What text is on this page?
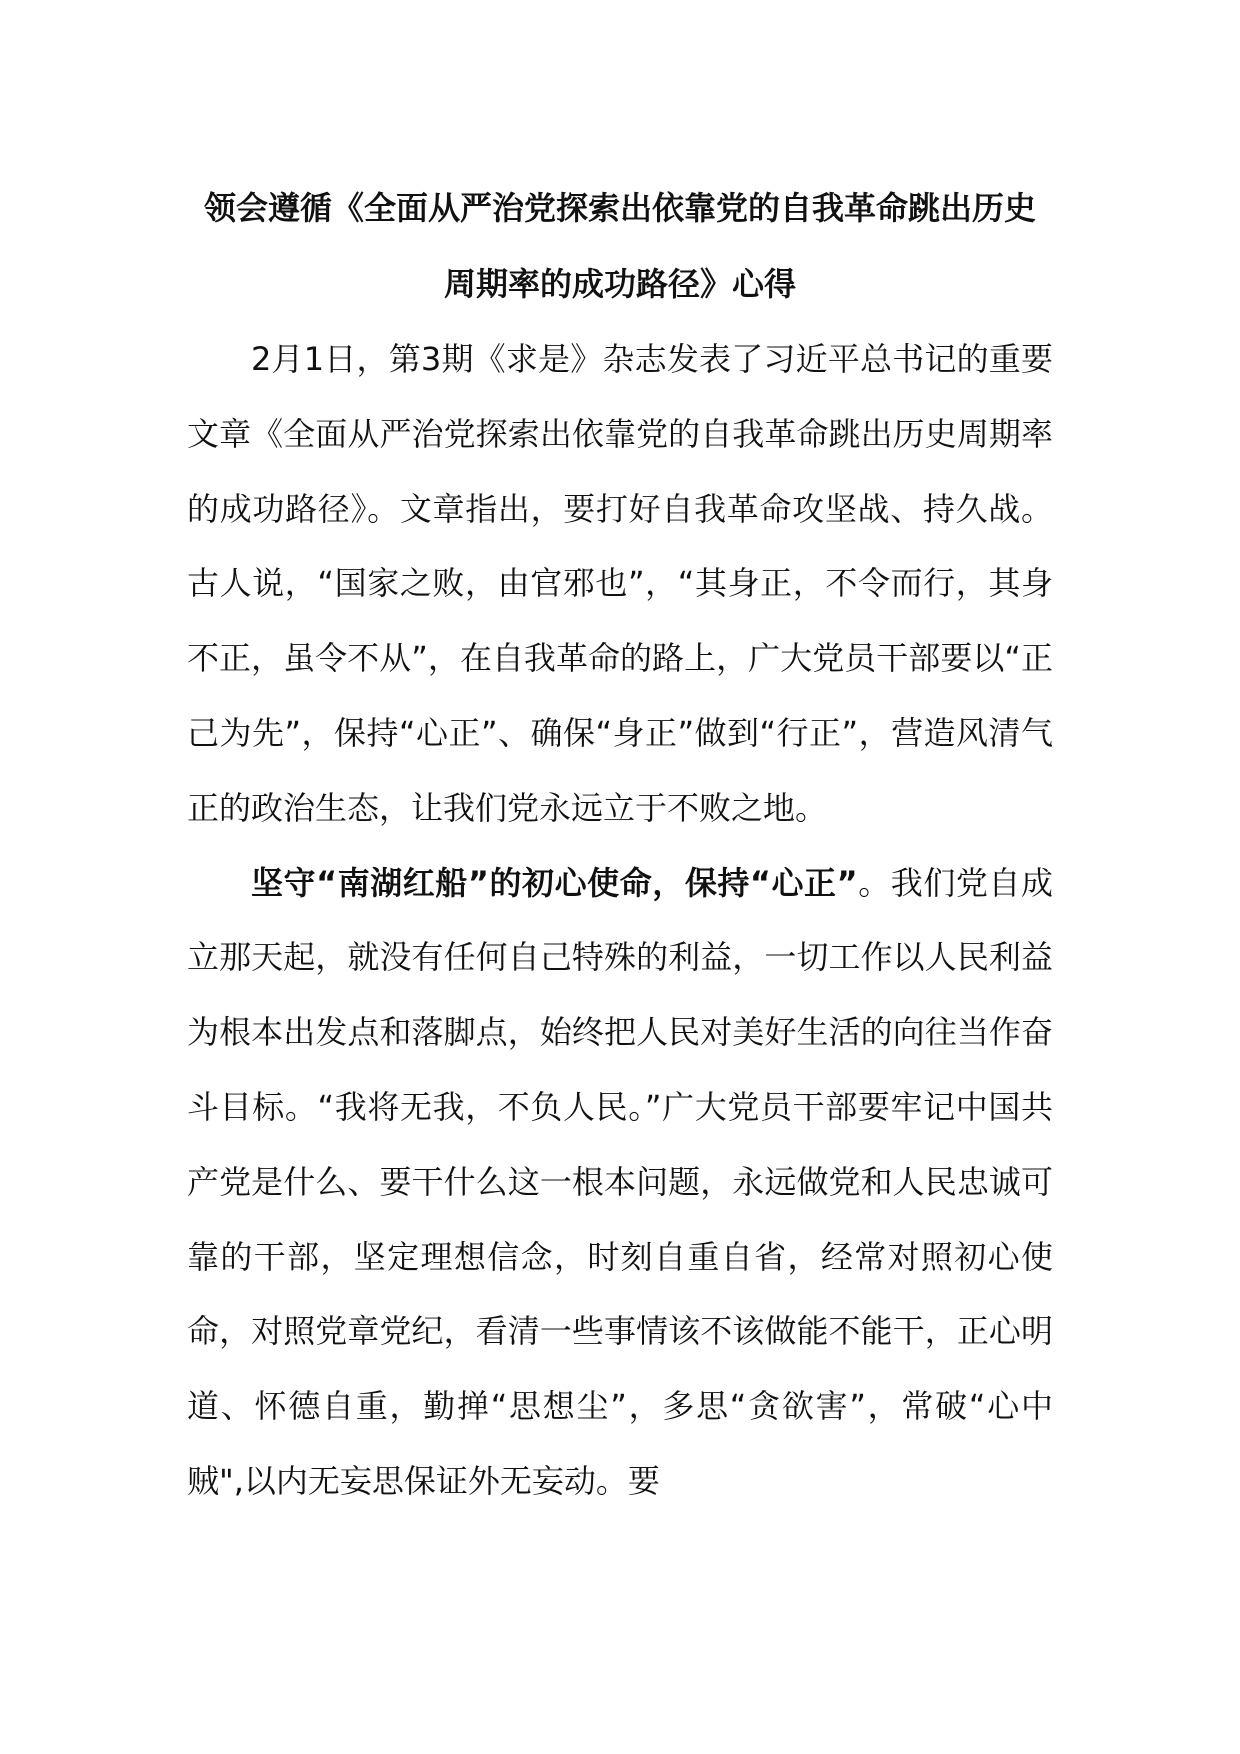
领会遵循《全面从严治党探索出依靠党的自我革命跳出历史
周期率的成功路径》心得

2月1日，第3期《求是》杂志发表了习近平总书记的重要文章《全面从严治党探索出依靠党的自我革命跳出历史周期率的成功路径》。文章指出，要打好自我革命攻坚战、持久战。古人说，“国家之败，由官邪也”，“其身正，不令而行，其身不正，虽令不从”，在自我革命的路上，广大党员干部要以“正己为先”，保持“心正”、确保“身正”做到“行正”，营造风清气正的政治生态，让我们党永远立于不败之地。

坚守“南湖红船”的初心使命，保持“心正”。我们党自成立那天起，就没有任何自己特殊的利益，一切工作以人民利益为根本出发点和落脚点，始终把人民对美好生活的向往当作奋斗目标。“我将无我，不负人民。”广大党员干部要牢记中国共产党是什么、要干什么这一根本问题，永远做党和人民忠诚可靠的干部，坚定理想信念，时刻自重自省，经常对照初心使命，对照党章党纪，看清一些事情该不该做能不能干，正心明道、怀德自重，勤掸“思想尘”，多思“贪欲害”，常破“心中贼",以内无妄思保证外无妄动。要
